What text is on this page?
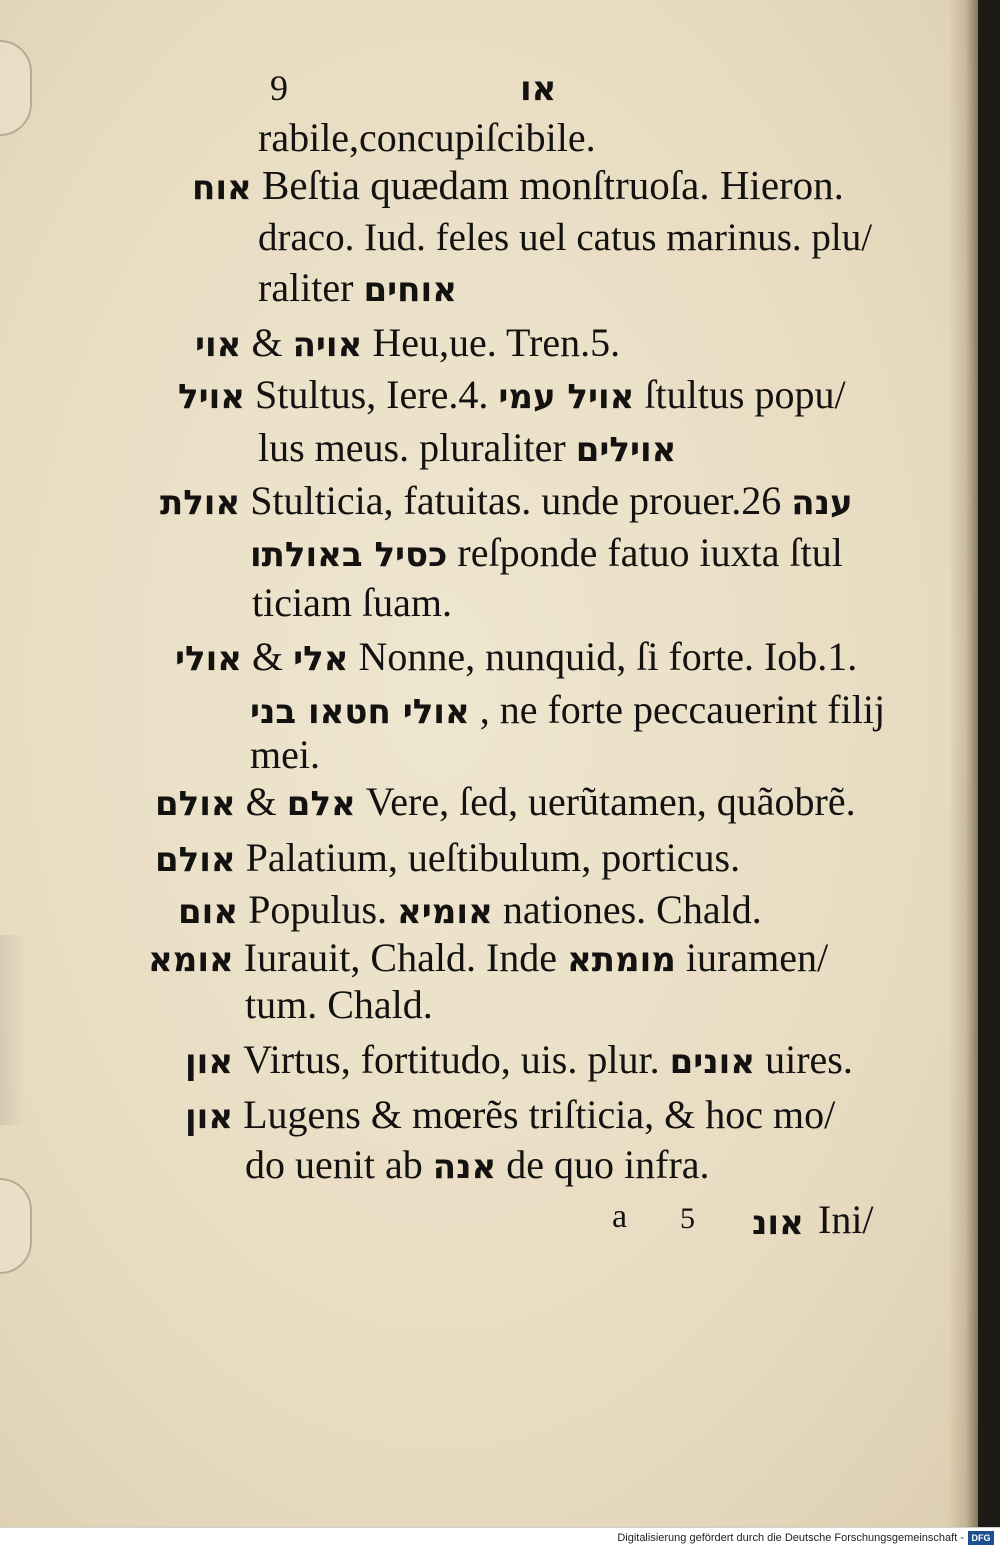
9	או
rabile,concupiſcibile.
אוח Beſtia quædam monſtruoſa. Hieron.
draco. Iud. feles uel catus marinus. plu/
raliter אוחים
אוי & אויה Heu,ue. Tren.5.
אויל Stultus, Iere.4. אויל עמי ſtultus popu/
lus meus. pluraliter אוילים
אולת Stulticia, fatuitas. unde prouer.26 ענה
כסיל באולתו reſponde fatuo iuxta ſtul
ticiam ſuam.
אולי & אלי Nonne, nunquid, ſi forte. Iob.1.
אולי חטאו בני , ne forte peccauerint filij
mei.
אולם & אלם Vere, ſed, uerũtamen, quãobrẽ.
אולם Palatium, ueſtibulum, porticus.
אום Populus. אומיא nationes. Chald.
אומא Iurauit, Chald. Inde מומתא iuramen/
tum. Chald.
און Virtus, fortitudo, uis. plur. אונים uires.
און Lugens & mœrẽs triſticia, & hoc mo/
do uenit ab אנה de quo infra.
a 5 אונ Ini/
Digitalisierung gefördert durch die Deutsche Forschungsgemeinschaft - DFG
